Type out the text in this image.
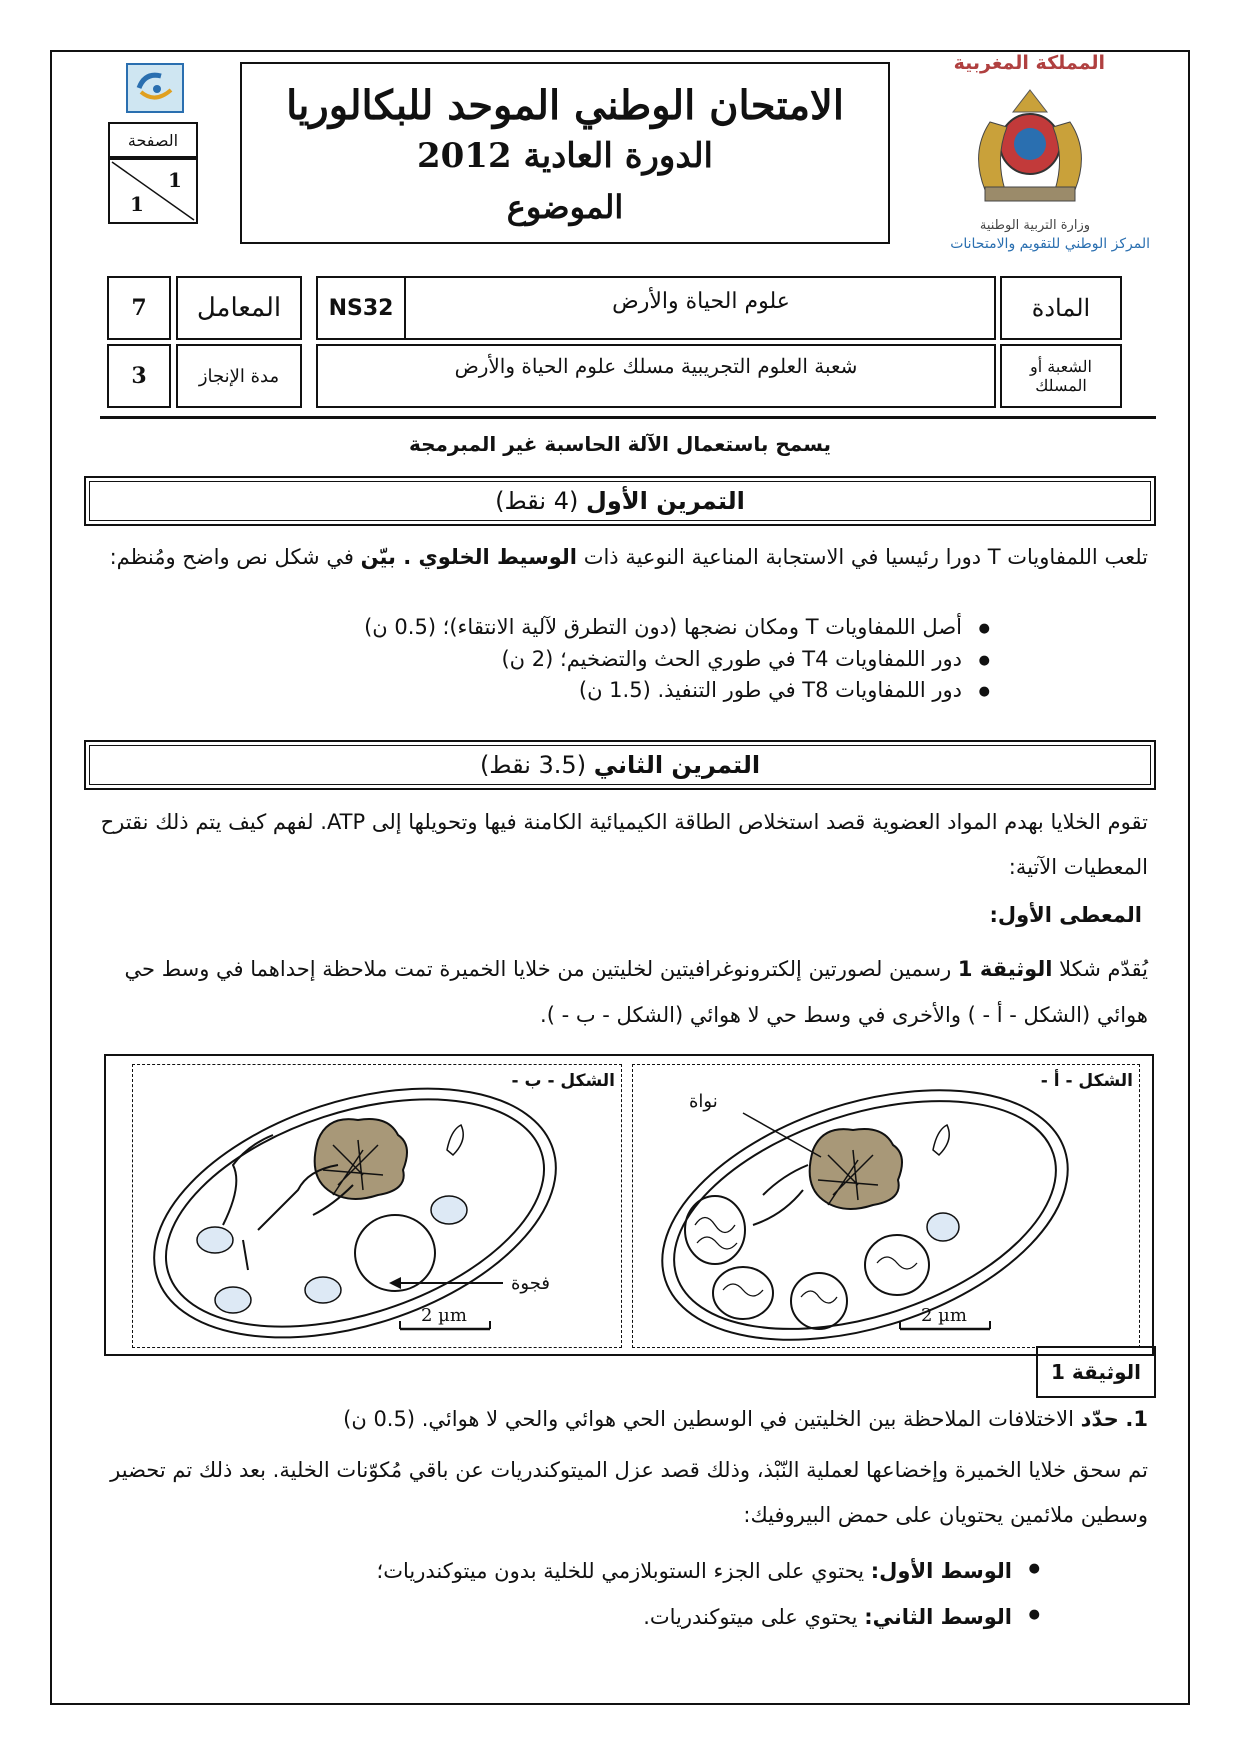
المملكة المغربية
وزارة التربية الوطنية
المركز الوطني للتقويم والامتحانات
الامتحان الوطني الموحد للبكالوريا
الدورة العادية 2012
الموضوع
الصفحة
1
1
7	المعامل	NS32	علوم الحياة والأرض	المادة
3	مدة الإنجاز	شعبة العلوم التجريبية مسلك علوم الحياة والأرض	الشعبة أو المسلك
يسمح باستعمال الآلة الحاسبة غير المبرمجة
التمرين الأول

(4 نقط)
تلعب اللمفاويات T دورا رئيسيا في الاستجابة المناعية النوعية ذات الوسيط الخلوي . بيّن في شكل نص واضح ومُنظم:
● أصل اللمفاويات T ومكان نضجها (دون التطرق لآلية الانتقاء)؛ (0.5 ن)
● دور اللمفاويات T4 في طوري الحث والتضخيم؛ (2 ن)
● دور اللمفاويات T8 في طور التنفيذ. (1.5 ن)
التمرين الثاني

(3.5 نقط)
تقوم الخلايا بهدم المواد العضوية قصد استخلاص الطاقة الكيميائية الكامنة فيها وتحويلها إلى ATP. لفهم كيف يتم ذلك نقترح المعطيات الآتية:
المعطى الأول:
يُقدّم شكلا الوثيقة 1 رسمين لصورتين إلكترونوغرافيتين لخليتين من خلايا الخميرة تمت ملاحظة إحداهما في وسط حي هوائي (الشكل - أ - ) والأخرى في وسط حي لا هوائي (الشكل - ب - ).
الشكل - ب -
فجوة
2 µm
الشكل - أ -
نواة
2 µm
الوثيقة 1
1. حدّد الاختلافات الملاحظة بين الخليتين في الوسطين الحي هوائي والحي لا هوائي. (0.5 ن)
تم سحق خلايا الخميرة وإخضاعها لعملية النّبْذ، وذلك قصد عزل الميتوكندريات عن باقي مُكوّنات الخلية. بعد ذلك تم تحضير وسطين ملائمين يحتويان على حمض البيروفيك:
● الوسط الأول: يحتوي على الجزء الستوبلازمي للخلية بدون ميتوكندريات؛
● الوسط الثاني: يحتوي على ميتوكندريات.
